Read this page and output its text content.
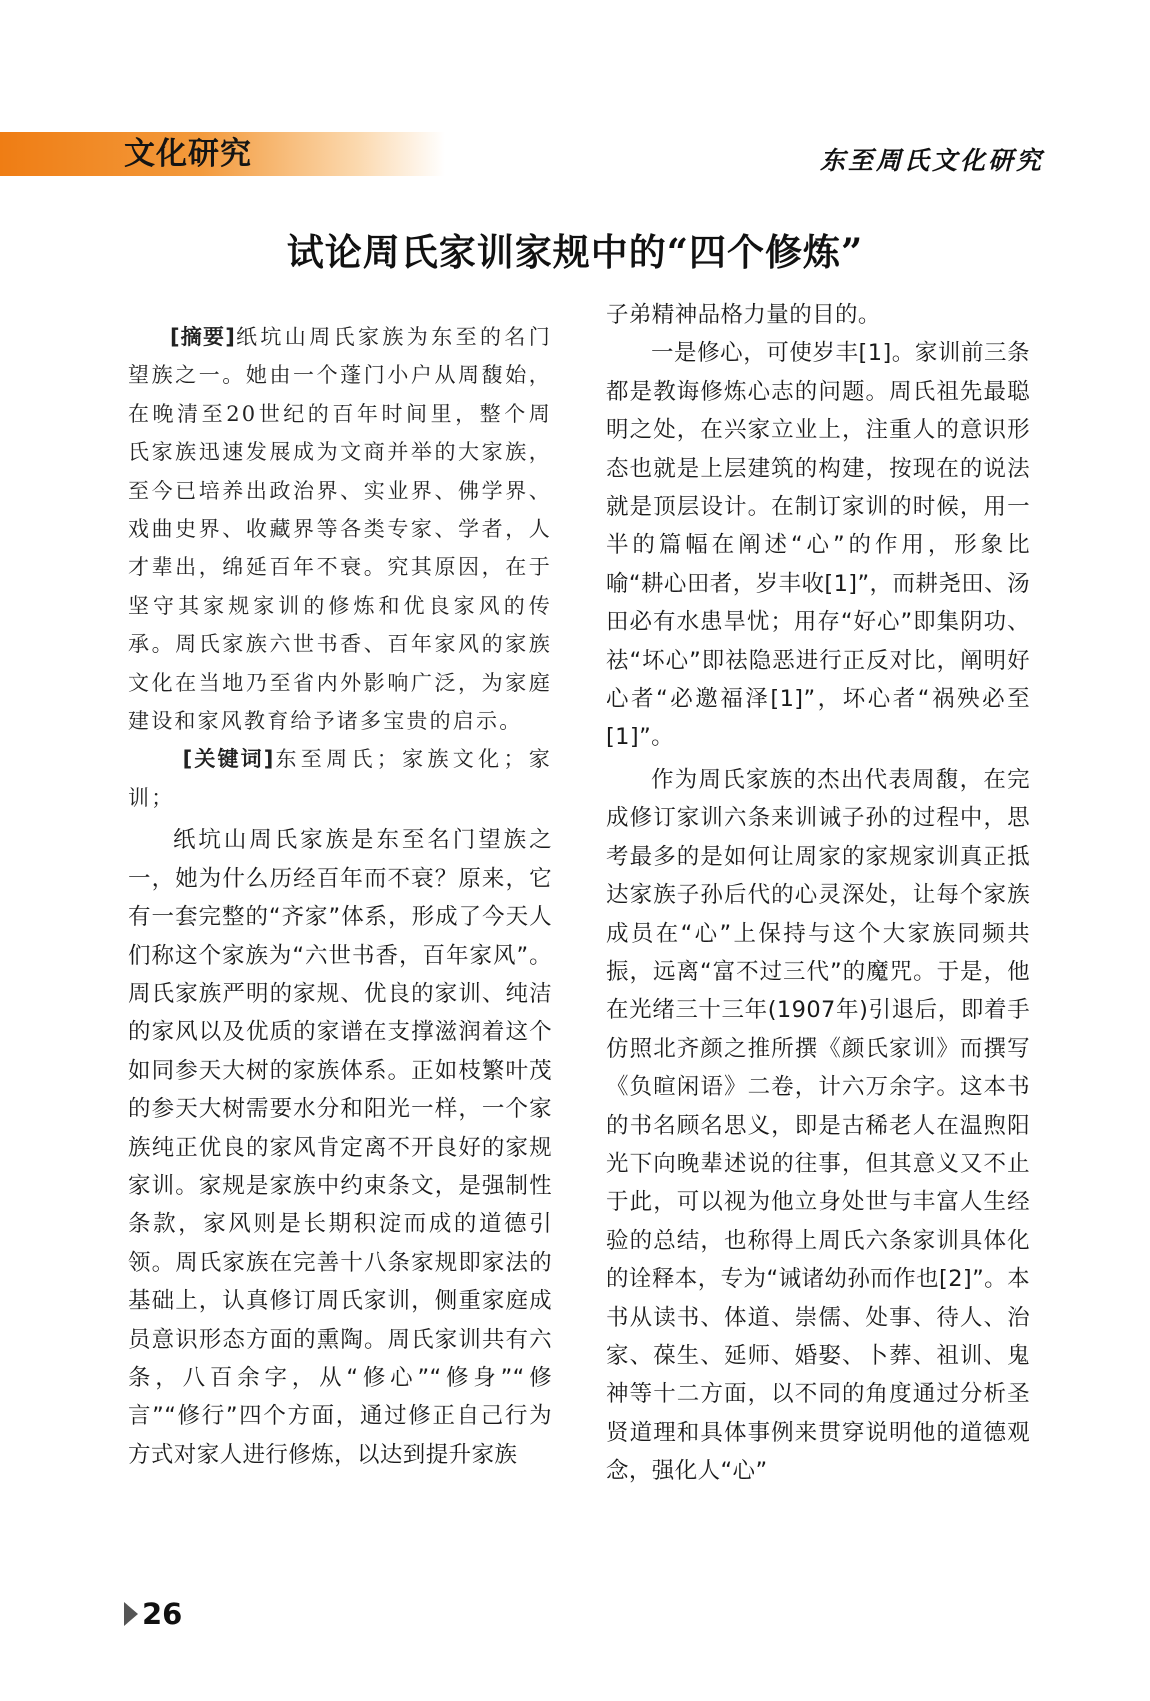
文化研究	东至周氏文化研究
试论周氏家训家规中的“四个修炼”

[摘要]纸坑山周氏家族为东至的名门望族之一。她由一个蓬门小户从周馥始，在晚清至20世纪的百年时间里，整个周氏家族迅速发展成为文商并举的大家族，至今已培养出政治界、实业界、佛学界、戏曲史界、收藏界等各类专家、学者，人才辈出，绵延百年不衰。究其原因，在于坚守其家规家训的修炼和优良家风的传承。周氏家族六世书香、百年家风的家族文化在当地乃至省内外影响广泛，为家庭建设和家风教育给予诸多宝贵的启示。

[关键词]东至周氏；家族文化；家训；

纸坑山周氏家族是东至名门望族之一，她为什么历经百年而不衰？原来，它有一套完整的“齐家”体系，形成了今天人们称这个家族为“六世书香，百年家风”。周氏家族严明的家规、优良的家训、纯洁的家风以及优质的家谱在支撑滋润着这个如同参天大树的家族体系。正如枝繁叶茂的参天大树需要水分和阳光一样，一个家族纯正优良的家风肯定离不开良好的家规家训。家规是家族中约束条文，是强制性条款，家风则是长期积淀而成的道德引领。周氏家族在完善十八条家规即家法的基础上，认真修订周氏家训，侧重家庭成员意识形态方面的熏陶。周氏家训共有六条，八百余字，从“修心”“修身”“修言”“修行”四个方面，通过修正自己行为方式对家人进行修炼，以达到提升家族

子弟精神品格力量的目的。

一是修心，可使岁丰[1]。家训前三条都是教诲修炼心志的问题。周氏祖先最聪明之处，在兴家立业上，注重人的意识形态也就是上层建筑的构建，按现在的说法就是顶层设计。在制订家训的时候，用一半的篇幅在阐述“心”的作用，形象比喻“耕心田者，岁丰收[1]”，而耕尧田、汤田必有水患旱忧；用存“好心”即集阴功、祛“坏心”即祛隐恶进行正反对比，阐明好心者“必邀福泽[1]”，坏心者“祸殃必至[1]”。

作为周氏家族的杰出代表周馥，在完成修订家训六条来训诫子孙的过程中，思考最多的是如何让周家的家规家训真正抵达家族子孙后代的心灵深处，让每个家族成员在“心”上保持与这个大家族同频共振，远离“富不过三代”的魔咒。于是，他在光绪三十三年(1907年)引退后，即着手仿照北齐颜之推所撰《颜氏家训》而撰写《负暄闲语》二卷，计六万余字。这本书的书名顾名思义，即是古稀老人在温煦阳光下向晚辈述说的往事，但其意义又不止于此，可以视为他立身处世与丰富人生经验的总结，也称得上周氏六条家训具体化的诠释本，专为“诫诸幼孙而作也[2]”。本书从读书、体道、崇儒、处事、待人、治家、葆生、延师、婚娶、卜葬、祖训、鬼神等十二方面，以不同的角度通过分析圣贤道理和具体事例来贯穿说明他的道德观念，强化人“心”

26
